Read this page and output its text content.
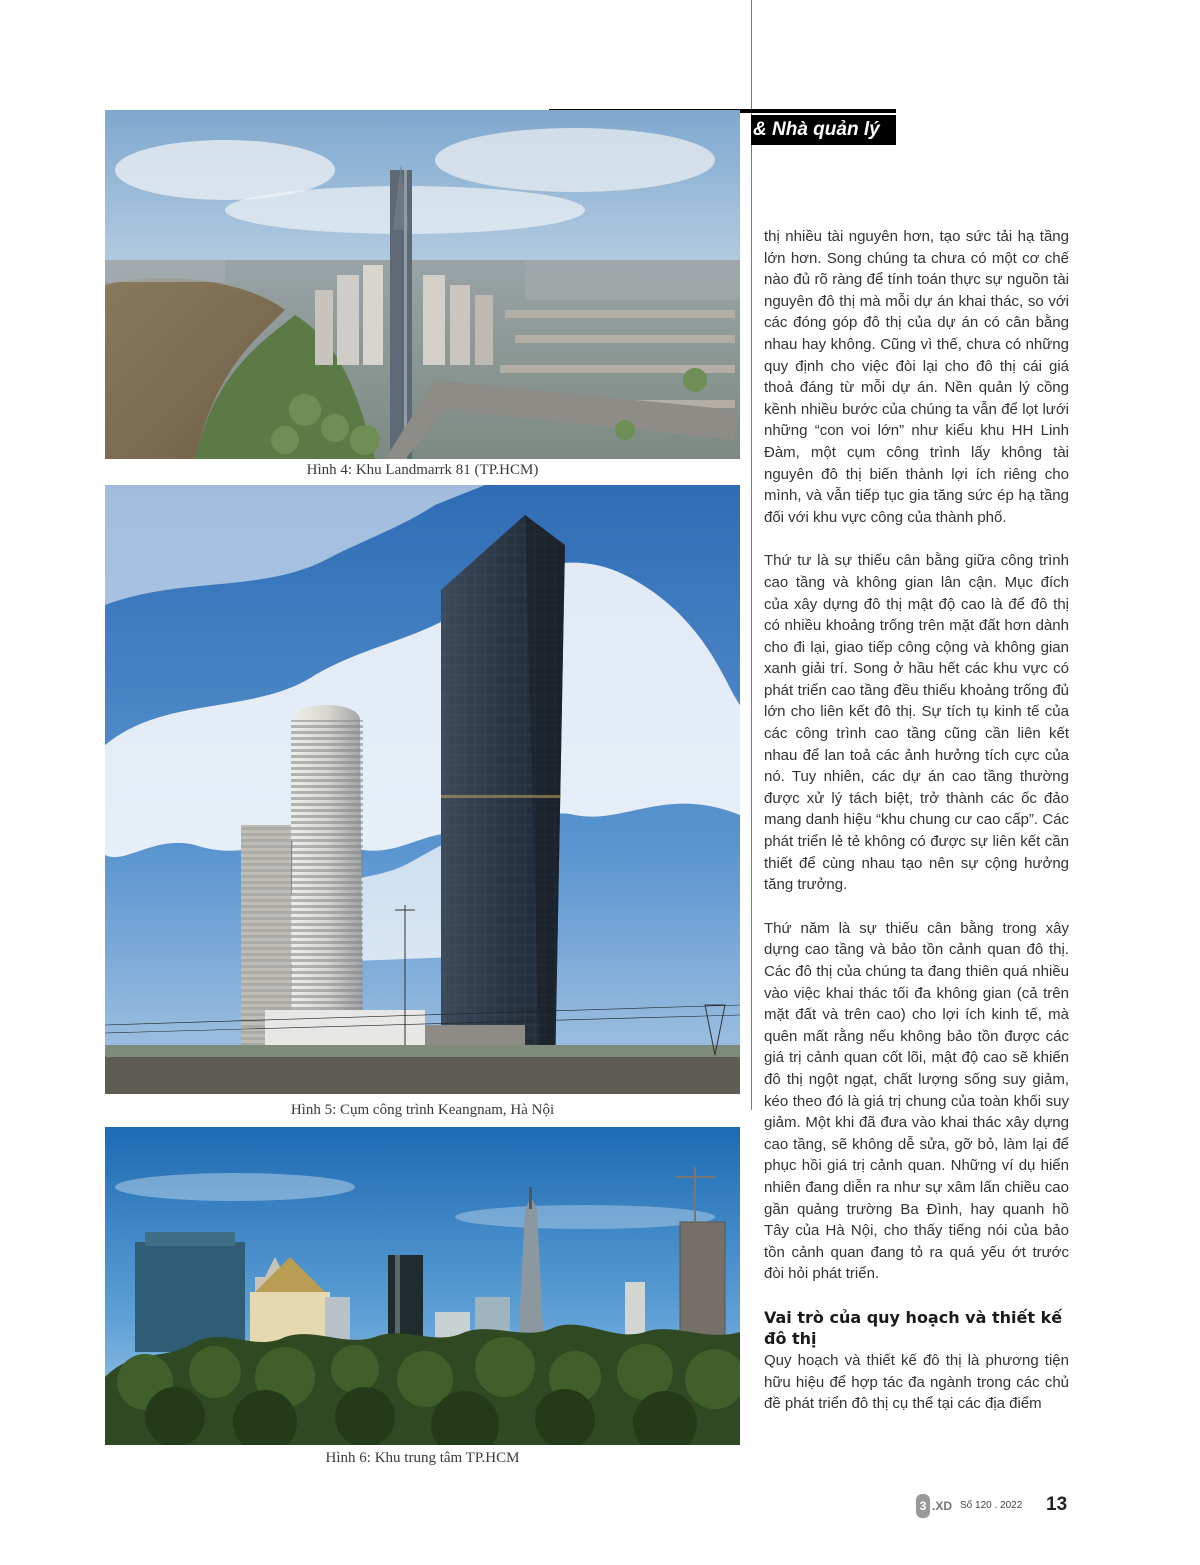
& Nhà quản lý
Hình 4: Khu Landmarrk 81 (TP.HCM)
Hình 5: Cụm công trình Keangnam, Hà Nội
Hình 6: Khu trung tâm TP.HCM

thị nhiều tài nguyên hơn, tạo sức tải hạ tầng lớn hơn. Song chúng ta chưa có một cơ chế nào đủ rõ ràng để tính toán thực sự nguồn tài nguyên đô thị mà mỗi dự án khai thác, so với các đóng góp đô thị của dự án có cân bằng nhau hay không. Cũng vì thế, chưa có những quy định cho việc đòi lại cho đô thị cái giá thoả đáng từ mỗi dự án. Nền quản lý cồng kềnh nhiều bước của chúng ta vẫn để lọt lưới những “con voi lớn” như kiểu khu HH Linh Đàm, một cụm công trình lấy không tài nguyên đô thị biến thành lợi ích riêng cho mình, và vẫn tiếp tục gia tăng sức ép hạ tầng đối với khu vực công của thành phố.

Thứ tư là sự thiếu cân bằng giữa công trình cao tầng và không gian lân cận. Mục đích của xây dựng đô thị mật độ cao là để đô thị có nhiều khoảng trống trên mặt đất hơn dành cho đi lại, giao tiếp công cộng và không gian xanh giải trí. Song ở hầu hết các khu vực có phát triển cao tầng đều thiếu khoảng trống đủ lớn cho liên kết đô thị. Sự tích tụ kinh tế của các công trình cao tầng cũng cần liên kết nhau để lan toả các ảnh hưởng tích cực của nó. Tuy nhiên, các dự án cao tầng thường được xử lý tách biệt, trở thành các ốc đảo mang danh hiệu “khu chung cư cao cấp”. Các phát triển lẻ tẻ không có được sự liên kết cần thiết để cùng nhau tạo nên sự cộng hưởng tăng trưởng.

Thứ năm là sự thiếu cân bằng trong xây dựng cao tầng và bảo tồn cảnh quan đô thị. Các đô thị của chúng ta đang thiên quá nhiều vào việc khai thác tối đa không gian (cả trên mặt đất và trên cao) cho lợi ích kinh tế, mà quên mất rằng nếu không bảo tồn được các giá trị cảnh quan cốt lõi, mật độ cao sẽ khiến đô thị ngột ngạt, chất lượng sống suy giảm, kéo theo đó là giá trị chung của toàn khối suy giảm. Một khi đã đưa vào khai thác xây dựng cao tầng, sẽ không dễ sửa, gỡ bỏ, làm lại để phục hồi giá trị cảnh quan. Những ví dụ hiển nhiên đang diễn ra như sự xâm lấn chiều cao gần quảng trường Ba Đình, hay quanh hồ Tây của Hà Nội, cho thấy tiếng nói của bảo tồn cảnh quan đang tỏ ra quá yếu ớt trước đòi hỏi phát triển.

Vai trò của quy hoạch và thiết kế đô thị

Quy hoạch và thiết kế đô thị là phương tiện hữu hiệu để hợp tác đa ngành trong các chủ đề phát triển đô thị cụ thể tại các địa điểm

3 .XD Số 120 . 2022 13
